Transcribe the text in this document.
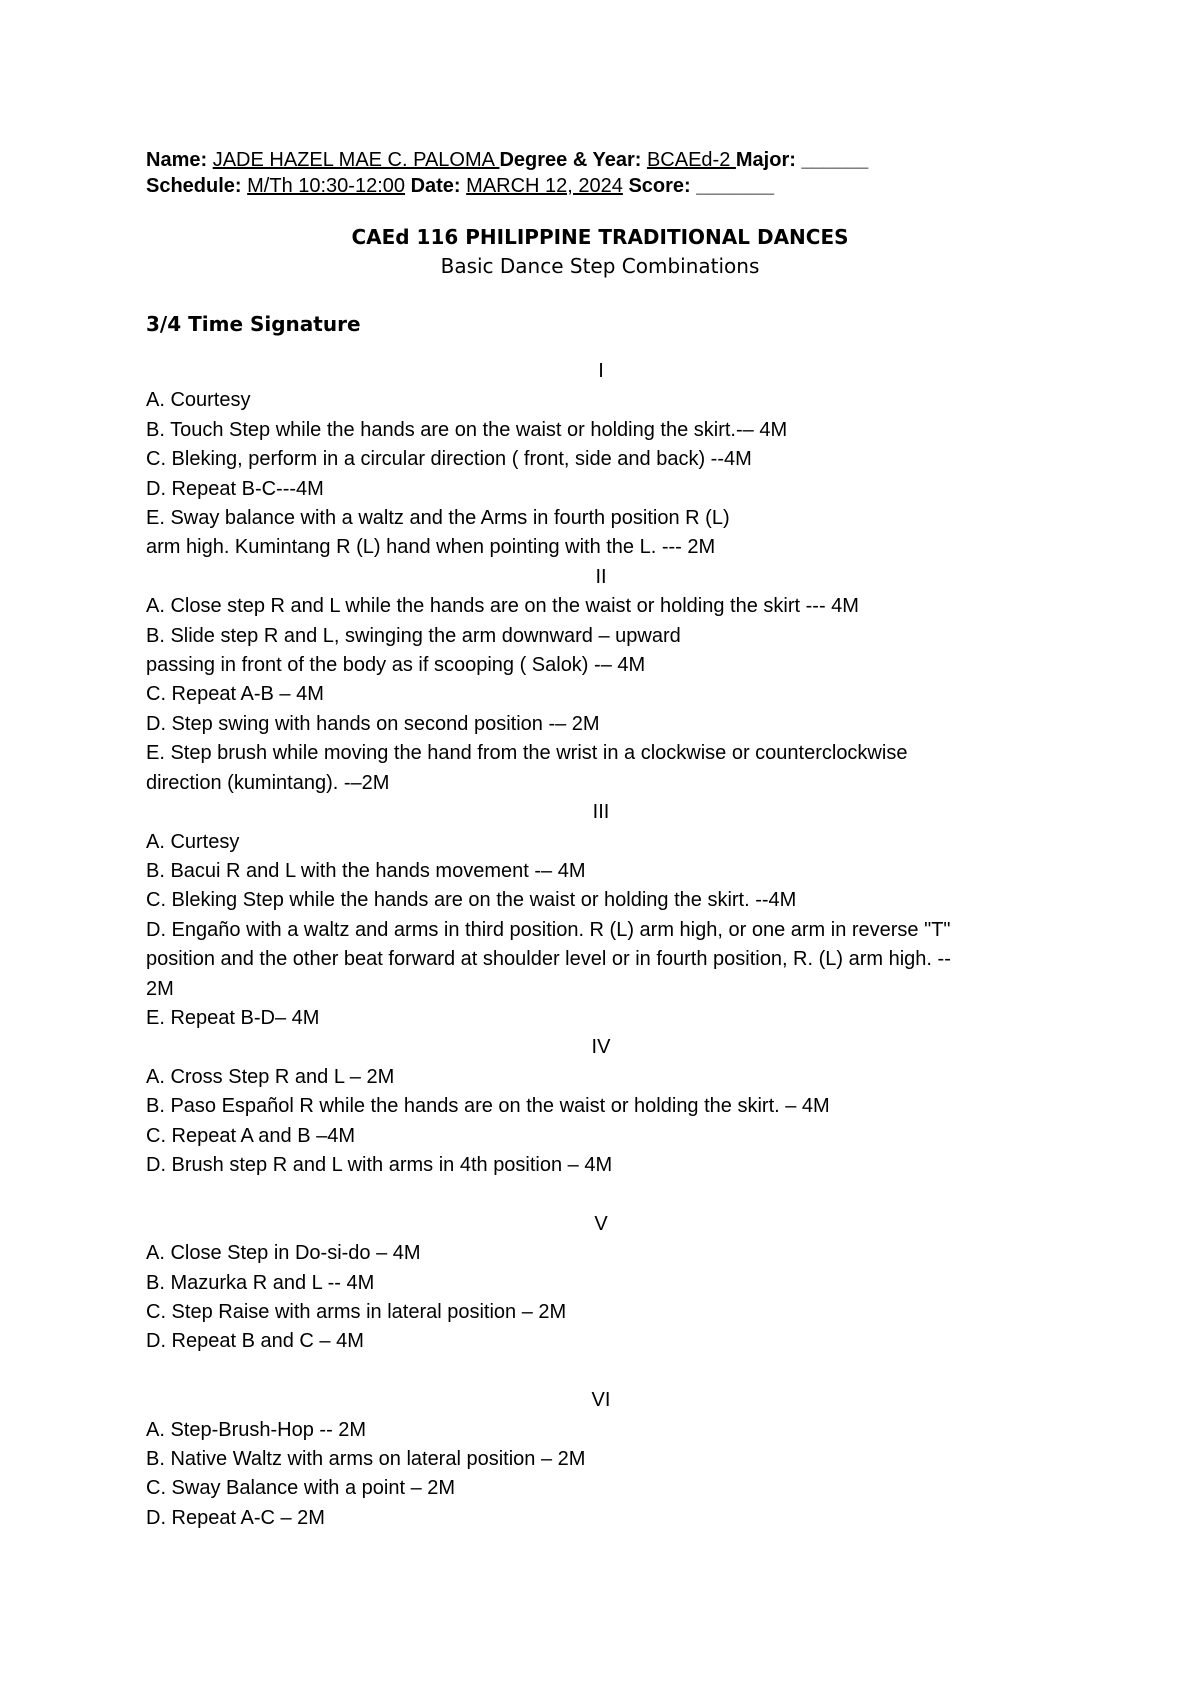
Name: JADE HAZEL MAE C. PALOMA Degree & Year: BCAEd-2 Major: ______
Schedule: M/Th 10:30-12:00 Date: MARCH 12, 2024 Score: _______
CAEd 116 PHILIPPINE TRADITIONAL DANCES
Basic Dance Step Combinations
3/4 Time Signature
I
A. Courtesy
B. Touch Step while the hands are on the waist or holding the skirt.-– 4M
C. Bleking, perform in a circular direction ( front, side and back) --4M
D. Repeat B-C---4M
E. Sway balance with a waltz and the Arms in fourth position R (L)
arm high. Kumintang R (L) hand when pointing with the L. --- 2M
II
A. Close step R and L while the hands are on the waist or holding the skirt --- 4M
B. Slide step R and L, swinging the arm downward – upward
passing in front of the body as if scooping ( Salok) -– 4M
C. Repeat A-B – 4M
D. Step swing with hands on second position -– 2M
E. Step brush while moving the hand from the wrist in a clockwise or counterclockwise
direction (kumintang). -–2M
III
A. Curtesy
B. Bacui R and L with the hands movement -– 4M
C. Bleking Step while the hands are on the waist or holding the skirt. --4M
D. Engaño with a waltz and arms in third position. R (L) arm high, or one arm in reverse "T"
position and the other beat forward at shoulder level or in fourth position, R. (L) arm high. --
2M
E. Repeat B-D– 4M
IV
A. Cross Step R and L – 2M
B. Paso Español R while the hands are on the waist or holding the skirt. – 4M
C. Repeat A and B –4M
D. Brush step R and L with arms in 4th position – 4M
V
A. Close Step in Do-si-do – 4M
B. Mazurka R and L -- 4M
C. Step Raise with arms in lateral position – 2M
D. Repeat B and C – 4M
VI
A. Step-Brush-Hop -- 2M
B. Native Waltz with arms on lateral position – 2M
C. Sway Balance with a point – 2M
D. Repeat A-C – 2M
